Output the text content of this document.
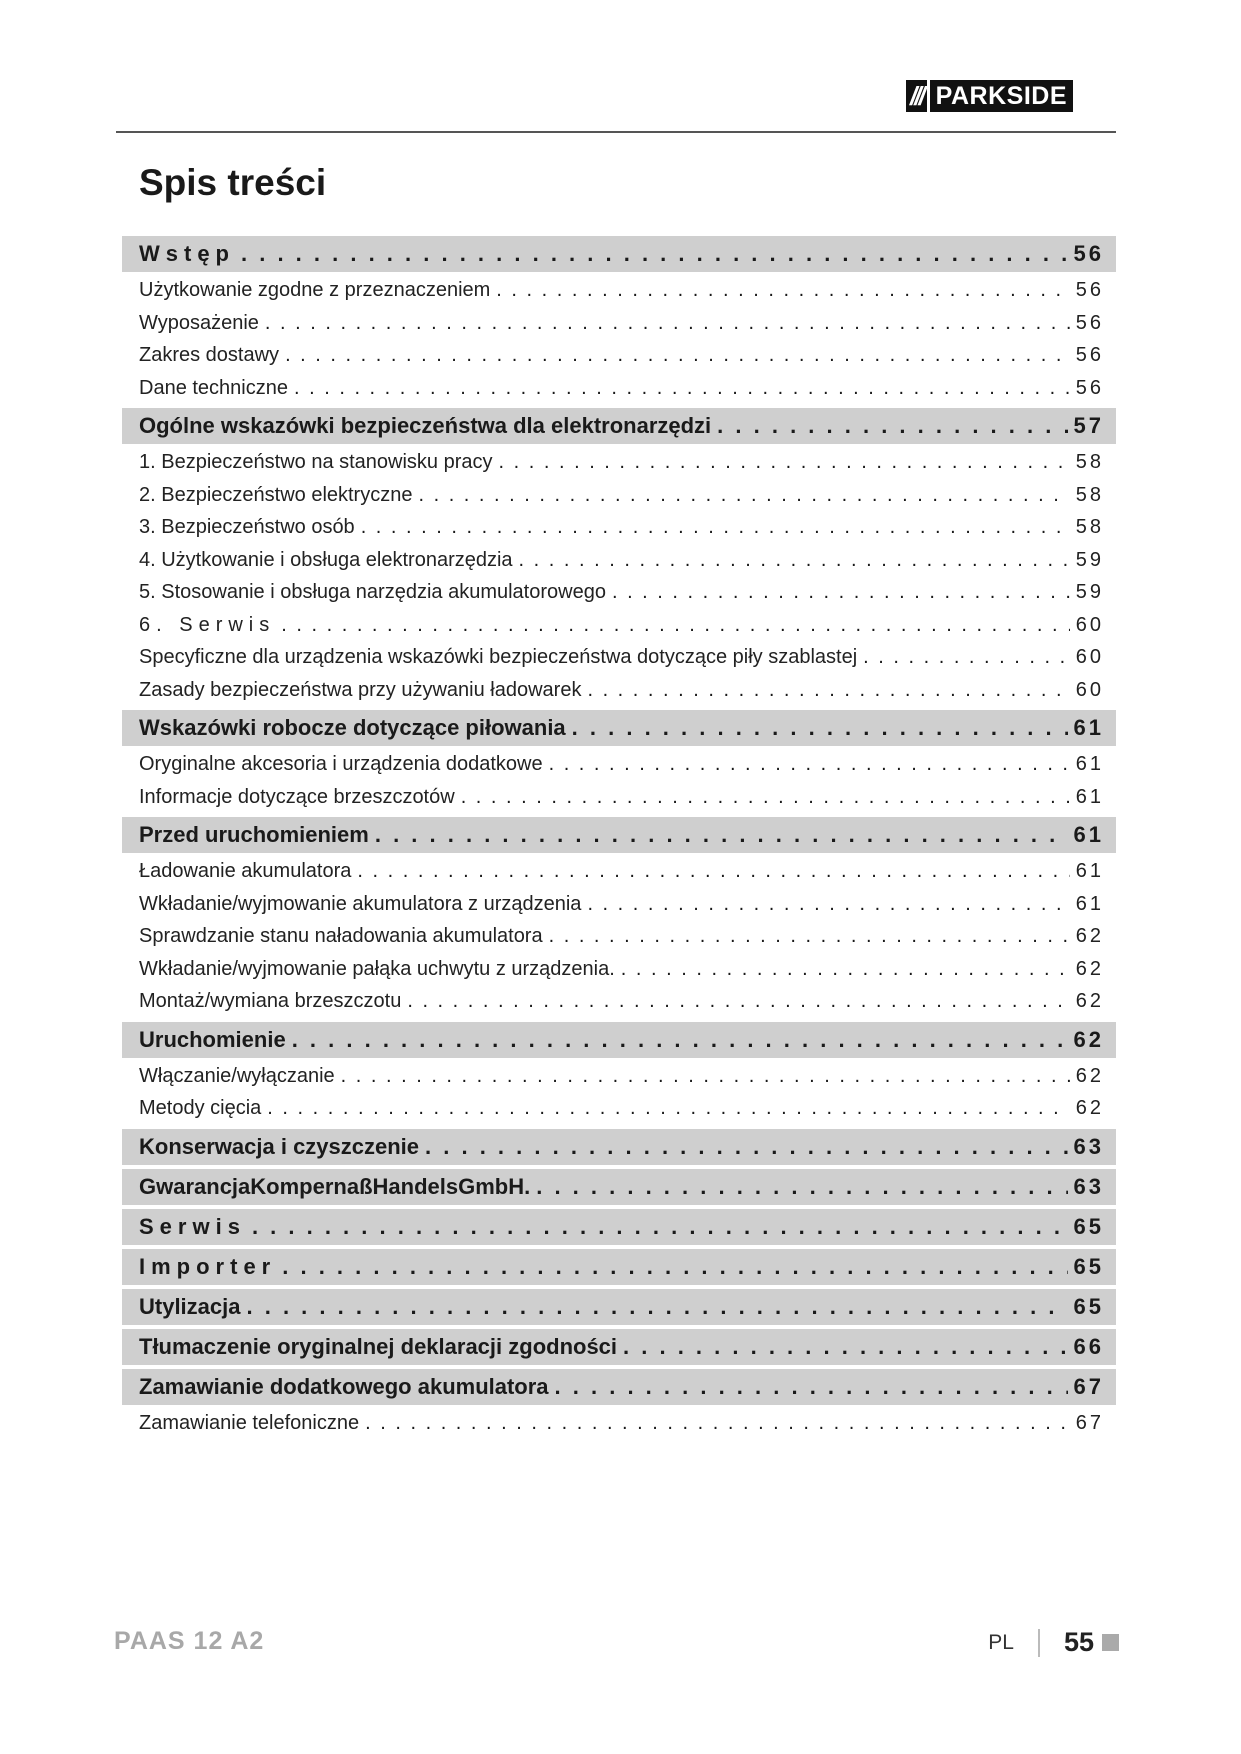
/// PARKSIDE
Spis treści
Wstęp . . .	56
Użytkowanie zgodne z przeznaczeniem . . .	56
Wyposażenie . . .	56
Zakres dostawy . . .	56
Dane techniczne . . .	56
Ogólne wskazówki bezpieczeństwa dla elektronarzędzi . . .	57
1. Bezpieczeństwo na stanowisku pracy . . .	58
2. Bezpieczeństwo elektryczne . . .	58
3. Bezpieczeństwo osób . . .	58
4. Użytkowanie i obsługa elektronarzędzia . . .	59
5. Stosowanie i obsługa narzędzia akumulatorowego . . .	59
6. Serwis . . .	60
Specyficzne dla urządzenia wskazówki bezpieczeństwa dotyczące piły szablastej . . .	60
Zasady bezpieczeństwa przy używaniu ładowarek . . .	60
Wskazówki robocze dotyczące piłowania . . .	61
Oryginalne akcesoria i urządzenia dodatkowe . . .	61
Informacje dotyczące brzeszczotów . . .	61
Przed uruchomieniem . . .	61
Ładowanie akumulatora . . .	61
Wkładanie/wyjmowanie akumulatora z urządzenia . . .	61
Sprawdzanie stanu naładowania akumulatora . . .	62
Wkładanie/wyjmowanie pałąka uchwytu z urządzenia. . . .	62
Montaż/wymiana brzeszczotu . . .	62
Uruchomienie . . .	62
Włączanie/wyłączanie . . .	62
Metody cięcia . . .	62
Konserwacja i czyszczenie . . .	63
GwarancjaKompernaßHandelsGmbH. . . .	63
Serwis . . .	65
Importer . . .	65
Utylizacja . . .	65
Tłumaczenie oryginalnej deklaracji zgodności . . .	66
Zamawianie dodatkowego akumulatora . . .	67
Zamawianie telefoniczne . . .	67
PAAS 12 A2	PL 55
